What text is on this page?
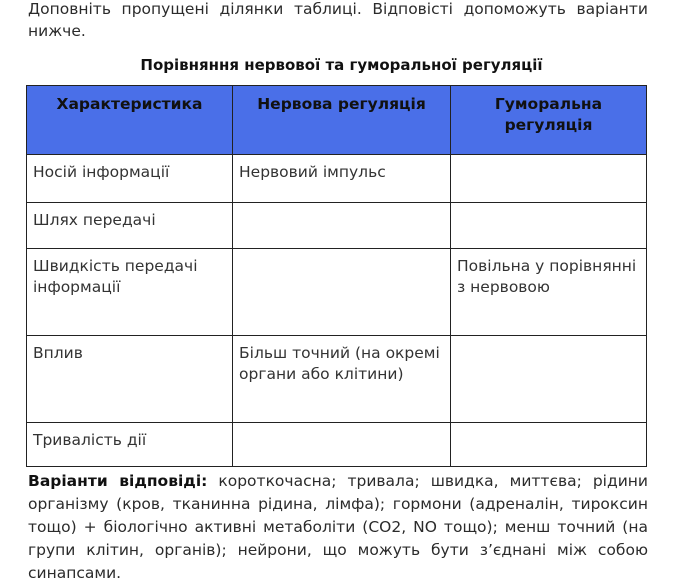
Доповніть пропущені ділянки таблиці. Відповісті допоможуть варіанти нижче.
Порівняння нервової та гуморальної регуляції
Характеристика	Нервова регуляція	Гуморальна регуляція
Носій інформації	Нервовий імпульс	
Шлях передачі		
Швидкість передачі інформації		Повільна у порівнянні з нервовою
Вплив	Більш точний (на окремі органи або клітини)	
Тривалість дії		
Варіанти відповіді: короткочасна; тривала; швидка, миттєва; рідини організму (кров, тканинна рідина, лімфа); гормони (адреналін, тироксин тощо) + біологічно активні метаболіти (CO2, NO тощо); менш точний (на групи клітин, органів); нейрони, що можуть бути з’єднані між собою синапсами.
